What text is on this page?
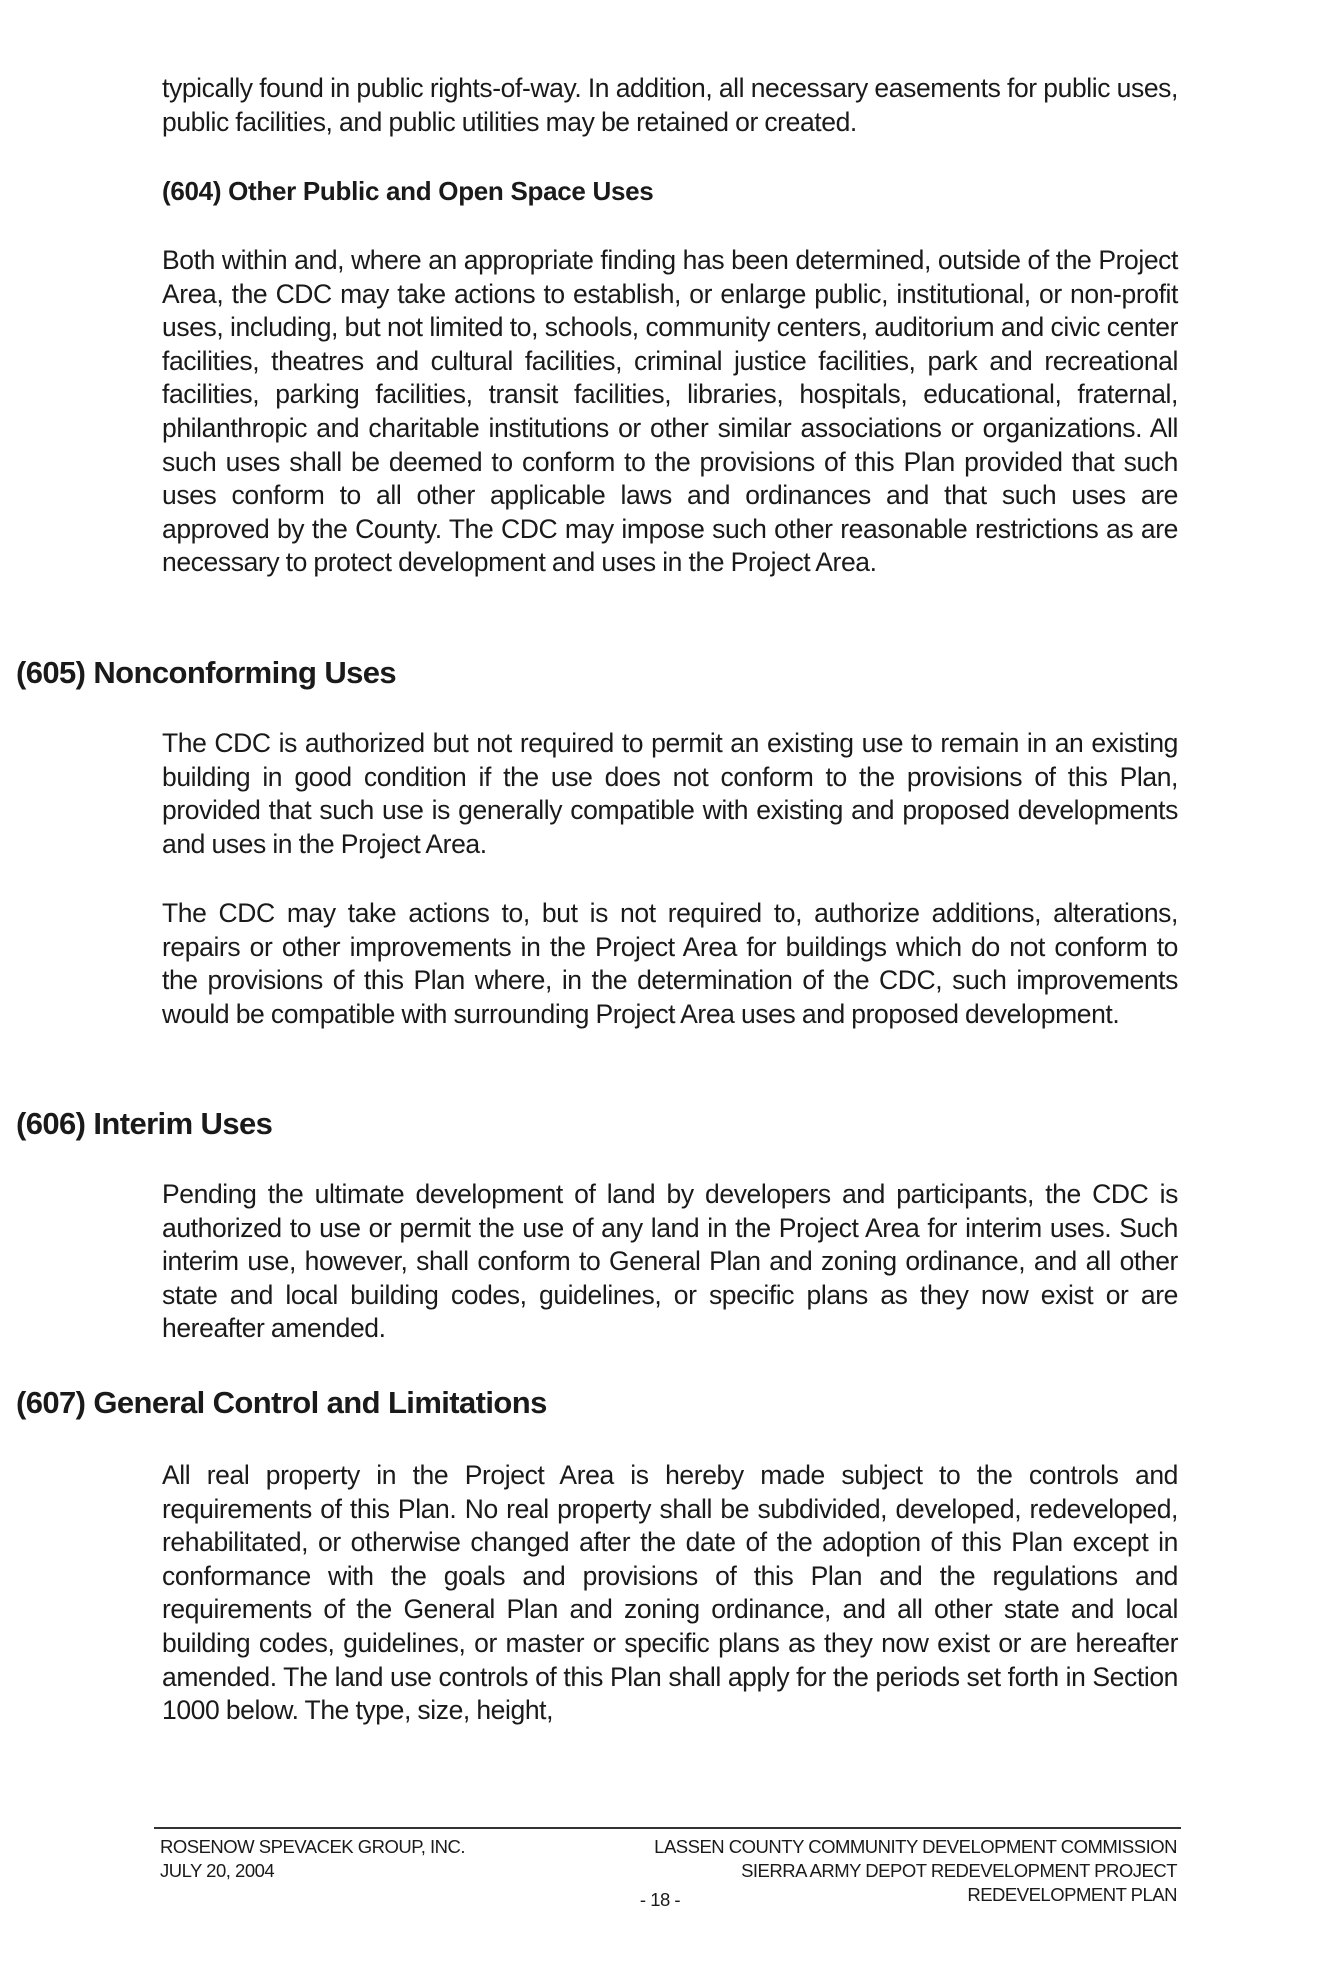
typically found in public rights-of-way. In addition, all necessary easements for public uses, public facilities, and public utilities may be retained or created.

(604) Other Public and Open Space Uses

Both within and, where an appropriate finding has been determined, outside of the Project Area, the CDC may take actions to establish, or enlarge public, institutional, or non-profit uses, including, but not limited to, schools, community centers, auditorium and civic center facilities, theatres and cultural facilities, criminal justice facilities, park and recreational facilities, parking facilities, transit facilities, libraries, hospitals, educational, fraternal, philanthropic and charitable institutions or other similar associations or organizations. All such uses shall be deemed to conform to the provisions of this Plan provided that such uses conform to all other applicable laws and ordinances and that such uses are approved by the County. The CDC may impose such other reasonable restrictions as are necessary to protect development and uses in the Project Area.

(605) Nonconforming Uses

The CDC is authorized but not required to permit an existing use to remain in an existing building in good condition if the use does not conform to the provisions of this Plan, provided that such use is generally compatible with existing and proposed developments and uses in the Project Area.

The CDC may take actions to, but is not required to, authorize additions, alterations, repairs or other improvements in the Project Area for buildings which do not conform to the provisions of this Plan where, in the determination of the CDC, such improvements would be compatible with surrounding Project Area uses and proposed development.

(606) Interim Uses

Pending the ultimate development of land by developers and participants, the CDC is authorized to use or permit the use of any land in the Project Area for interim uses. Such interim use, however, shall conform to General Plan and zoning ordinance, and all other state and local building codes, guidelines, or specific plans as they now exist or are hereafter amended.

(607) General Control and Limitations

All real property in the Project Area is hereby made subject to the controls and requirements of this Plan. No real property shall be subdivided, developed, redeveloped, rehabilitated, or otherwise changed after the date of the adoption of this Plan except in conformance with the goals and provisions of this Plan and the regulations and requirements of the General Plan and zoning ordinance, and all other state and local building codes, guidelines, or master or specific plans as they now exist or are hereafter amended. The land use controls of this Plan shall apply for the periods set forth in Section 1000 below. The type, size, height,

ROSENOW SPEVACEK GROUP, INC.
JULY 20, 2004
- 18 -
LASSEN COUNTY COMMUNITY DEVELOPMENT COMMISSION
SIERRA ARMY DEPOT REDEVELOPMENT PROJECT
REDEVELOPMENT PLAN
